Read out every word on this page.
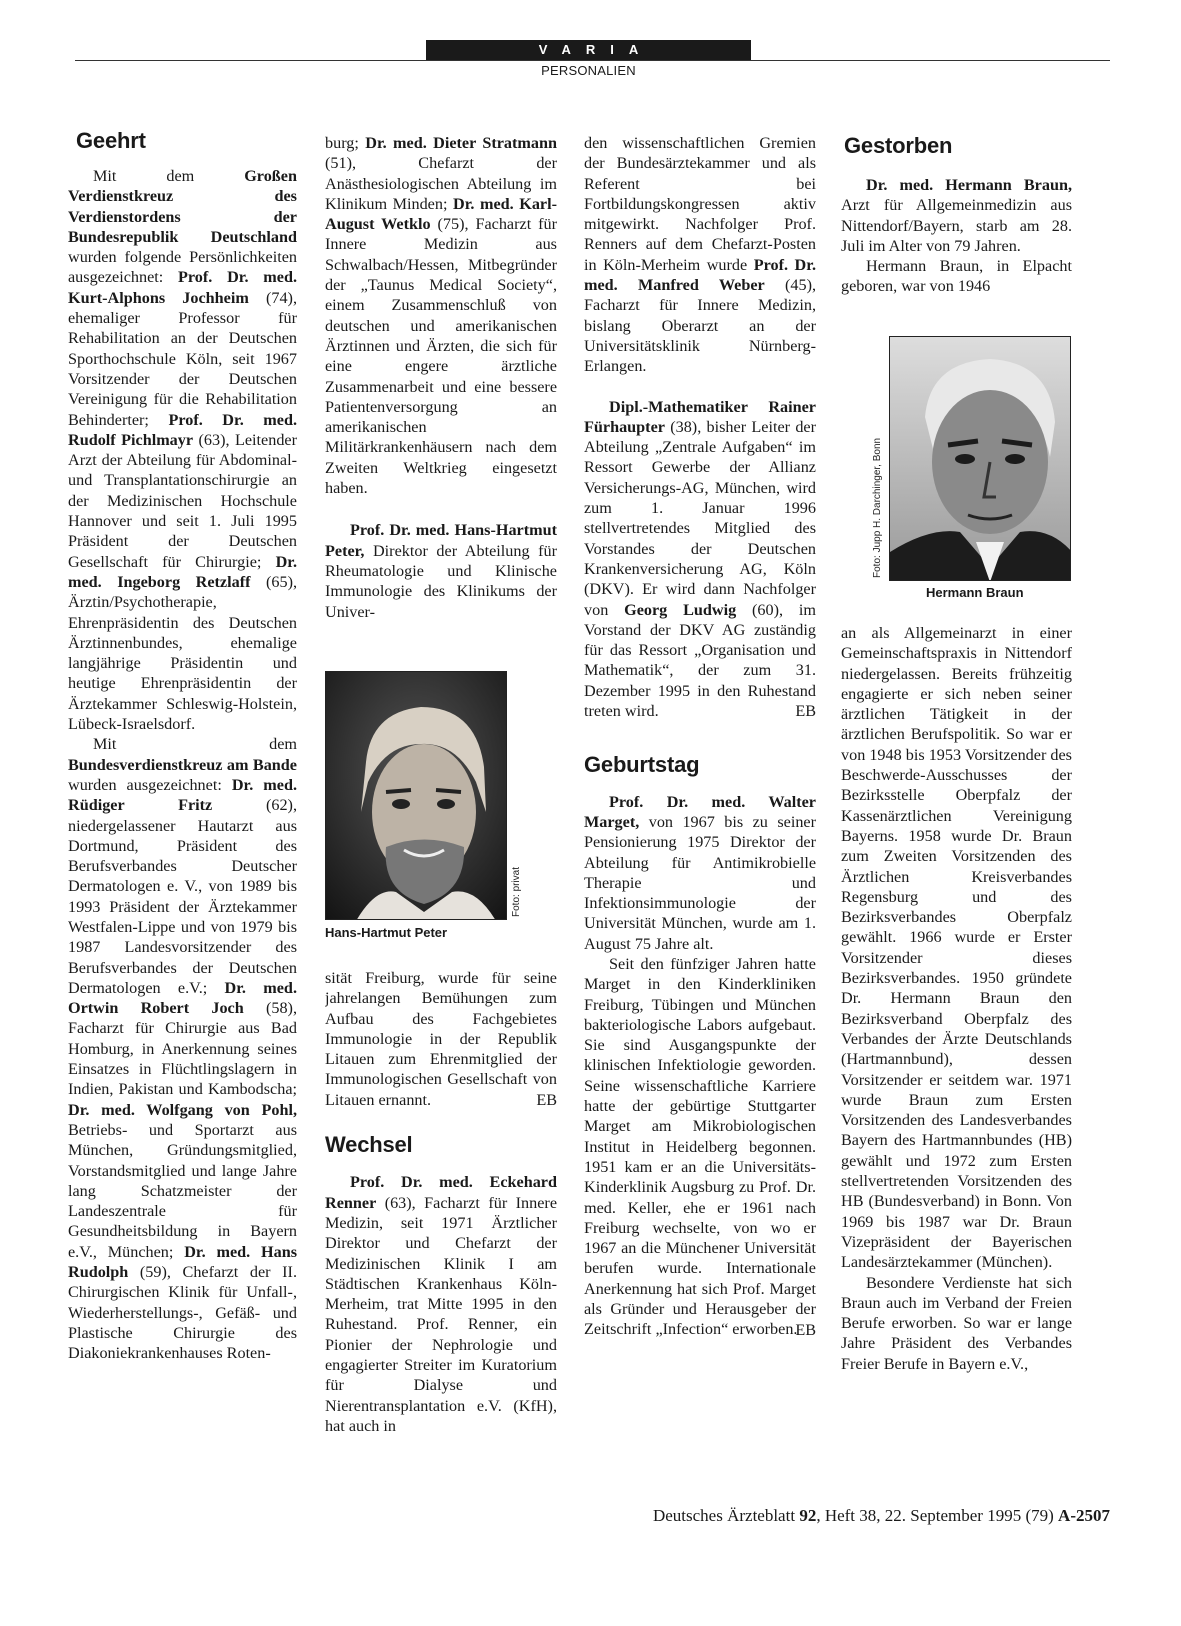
VARIA
PERSONALIEN
Geehrt

Mit dem Großen Verdienstkreuz des Verdienstordens der Bundesrepublik Deutschland wurden folgende Persönlichkeiten ausgezeichnet: Prof. Dr. med. Kurt-Alphons Jochheim (74), ehemaliger Professor für Rehabilitation an der Deutschen Sporthochschule Köln, seit 1967 Vorsitzender der Deutschen Vereinigung für die Rehabilitation Behinderter; Prof. Dr. med. Rudolf Pichlmayr (63), Leitender Arzt der Abteilung für Abdominal- und Transplantationschirurgie an der Medizinischen Hochschule Hannover und seit 1. Juli 1995 Präsident der Deutschen Gesellschaft für Chirurgie; Dr. med. Ingeborg Retzlaff (65), Ärztin/Psychotherapie, Ehrenpräsidentin des Deutschen Ärztinnenbundes, ehemalige langjährige Präsidentin und heutige Ehrenpräsidentin der Ärztekammer Schleswig-Holstein, Lübeck-Israelsdorf.

Mit dem Bundesverdienstkreuz am Bande wurden ausgezeichnet: Dr. med. Rüdiger Fritz (62), niedergelassener Hautarzt aus Dortmund, Präsident des Berufsverbandes Deutscher Dermatologen e. V., von 1989 bis 1993 Präsident der Ärztekammer Westfalen-Lippe und von 1979 bis 1987 Landesvorsitzender des Berufsverbandes der Deutschen Dermatologen e.V.; Dr. med. Ortwin Robert Joch (58), Facharzt für Chirurgie aus Bad Homburg, in Anerkennung seines Einsatzes in Flüchtlingslagern in Indien, Pakistan und Kambodscha; Dr. med. Wolfgang von Pohl, Betriebs- und Sportarzt aus München, Gründungsmitglied, Vorstandsmitglied und lange Jahre lang Schatzmeister der Landeszentrale für Gesundheitsbildung in Bayern e.V., München; Dr. med. Hans Rudolph (59), Chefarzt der II. Chirurgischen Klinik für Unfall-, Wiederherstellungs-, Gefäß- und Plastische Chirurgie des Diakoniekrankenhauses Roten-

burg; Dr. med. Dieter Stratmann (51), Chefarzt der Anästhesiologischen Abteilung im Klinikum Minden; Dr. med. Karl-August Wetklo (75), Facharzt für Innere Medizin aus Schwalbach/Hessen, Mitbegründer der „Taunus Medical Society“, einem Zusammenschluß von deutschen und amerikanischen Ärztinnen und Ärzten, die sich für eine engere ärztliche Zusammenarbeit und eine bessere Patientenversorgung an amerikanischen Militärkrankenhäusern nach dem Zweiten Weltkrieg eingesetzt haben.

Prof. Dr. med. Hans-Hartmut Peter, Direktor der Abteilung für Rheumatologie und Klinische Immunologie des Klinikums der Univer-

Foto: privat
Hans-Hartmut Peter

sität Freiburg, wurde für seine jahrelangen Bemühungen zum Aufbau des Fachgebietes Immunologie in der Republik Litauen zum Ehrenmitglied der Immunologischen Gesellschaft von Litauen ernannt.	EB

Wechsel

Prof. Dr. med. Eckehard Renner (63), Facharzt für Innere Medizin, seit 1971 Ärztlicher Direktor und Chefarzt der Medizinischen Klinik I am Städtischen Krankenhaus Köln-Merheim, trat Mitte 1995 in den Ruhestand. Prof. Renner, ein Pionier der Nephrologie und engagierter Streiter im Kuratorium für Dialyse und Nierentransplantation e.V. (KfH), hat auch in

den wissenschaftlichen Gremien der Bundesärztekammer und als Referent bei Fortbildungskongressen aktiv mitgewirkt. Nachfolger Prof. Renners auf dem Chefarzt-Posten in Köln-Merheim wurde Prof. Dr. med. Manfred Weber (45), Facharzt für Innere Medizin, bislang Oberarzt an der Universitätsklinik Nürnberg-Erlangen.

Dipl.-Mathematiker Rainer Fürhaupter (38), bisher Leiter der Abteilung „Zentrale Aufgaben“ im Ressort Gewerbe der Allianz Versicherungs-AG, München, wird zum 1. Januar 1996 stellvertretendes Mitglied des Vorstandes der Deutschen Krankenversicherung AG, Köln (DKV). Er wird dann Nachfolger von Georg Ludwig (60), im Vorstand der DKV AG zuständig für das Ressort „Organisation und Mathematik“, der zum 31. Dezember 1995 in den Ruhestand treten wird.	EB

Geburtstag

Prof. Dr. med. Walter Marget, von 1967 bis zu seiner Pensionierung 1975 Direktor der Abteilung für Antimikrobielle Therapie und Infektionsimmunologie der Universität München, wurde am 1. August 75 Jahre alt.

Seit den fünfziger Jahren hatte Marget in den Kinderkliniken Freiburg, Tübingen und München bakteriologische Labors aufgebaut. Sie sind Ausgangspunkte der klinischen Infektiologie geworden. Seine wissenschaftliche Karriere hatte der gebürtige Stuttgarter Marget am Mikrobiologischen Institut in Heidelberg begonnen. 1951 kam er an die Universitäts-Kinderklinik Augsburg zu Prof. Dr. med. Keller, ehe er 1961 nach Freiburg wechselte, von wo er 1967 an die Münchener Universität berufen wurde. Internationale Anerkennung hat sich Prof. Marget als Gründer und Herausgeber der Zeitschrift „Infection“ erworben.

EB

Gestorben

Dr. med. Hermann Braun, Arzt für Allgemeinmedizin aus Nittendorf/Bayern, starb am 28. Juli im Alter von 79 Jahren.

Hermann Braun, in Elpacht geboren, war von 1946

Foto: Jupp H. Darchinger, Bonn
Hermann Braun

an als Allgemeinarzt in einer Gemeinschaftspraxis in Nittendorf niedergelassen. Bereits frühzeitig engagierte er sich neben seiner ärztlichen Tätigkeit in der ärztlichen Berufspolitik. So war er von 1948 bis 1953 Vorsitzender des Beschwerde-Ausschusses der Bezirksstelle Oberpfalz der Kassenärztlichen Vereinigung Bayerns. 1958 wurde Dr. Braun zum Zweiten Vorsitzenden des Ärztlichen Kreisverbandes Regensburg und des Bezirksverbandes Oberpfalz gewählt. 1966 wurde er Erster Vorsitzender dieses Bezirksverbandes. 1950 gründete Dr. Hermann Braun den Bezirksverband Oberpfalz des Verbandes der Ärzte Deutschlands (Hartmannbund), dessen Vorsitzender er seitdem war. 1971 wurde Braun zum Ersten Vorsitzenden des Landesverbandes Bayern des Hartmannbundes (HB) gewählt und 1972 zum Ersten stellvertretenden Vorsitzenden des HB (Bundesverband) in Bonn. Von 1969 bis 1987 war Dr. Braun Vizepräsident der Bayerischen Landesärztekammer (München).

Besondere Verdienste hat sich Braun auch im Verband der Freien Berufe erworben. So war er lange Jahre Präsident des Verbandes Freier Berufe in Bayern e.V.,

Deutsches Ärzteblatt 92, Heft 38, 22. September 1995 (79) A-2507
